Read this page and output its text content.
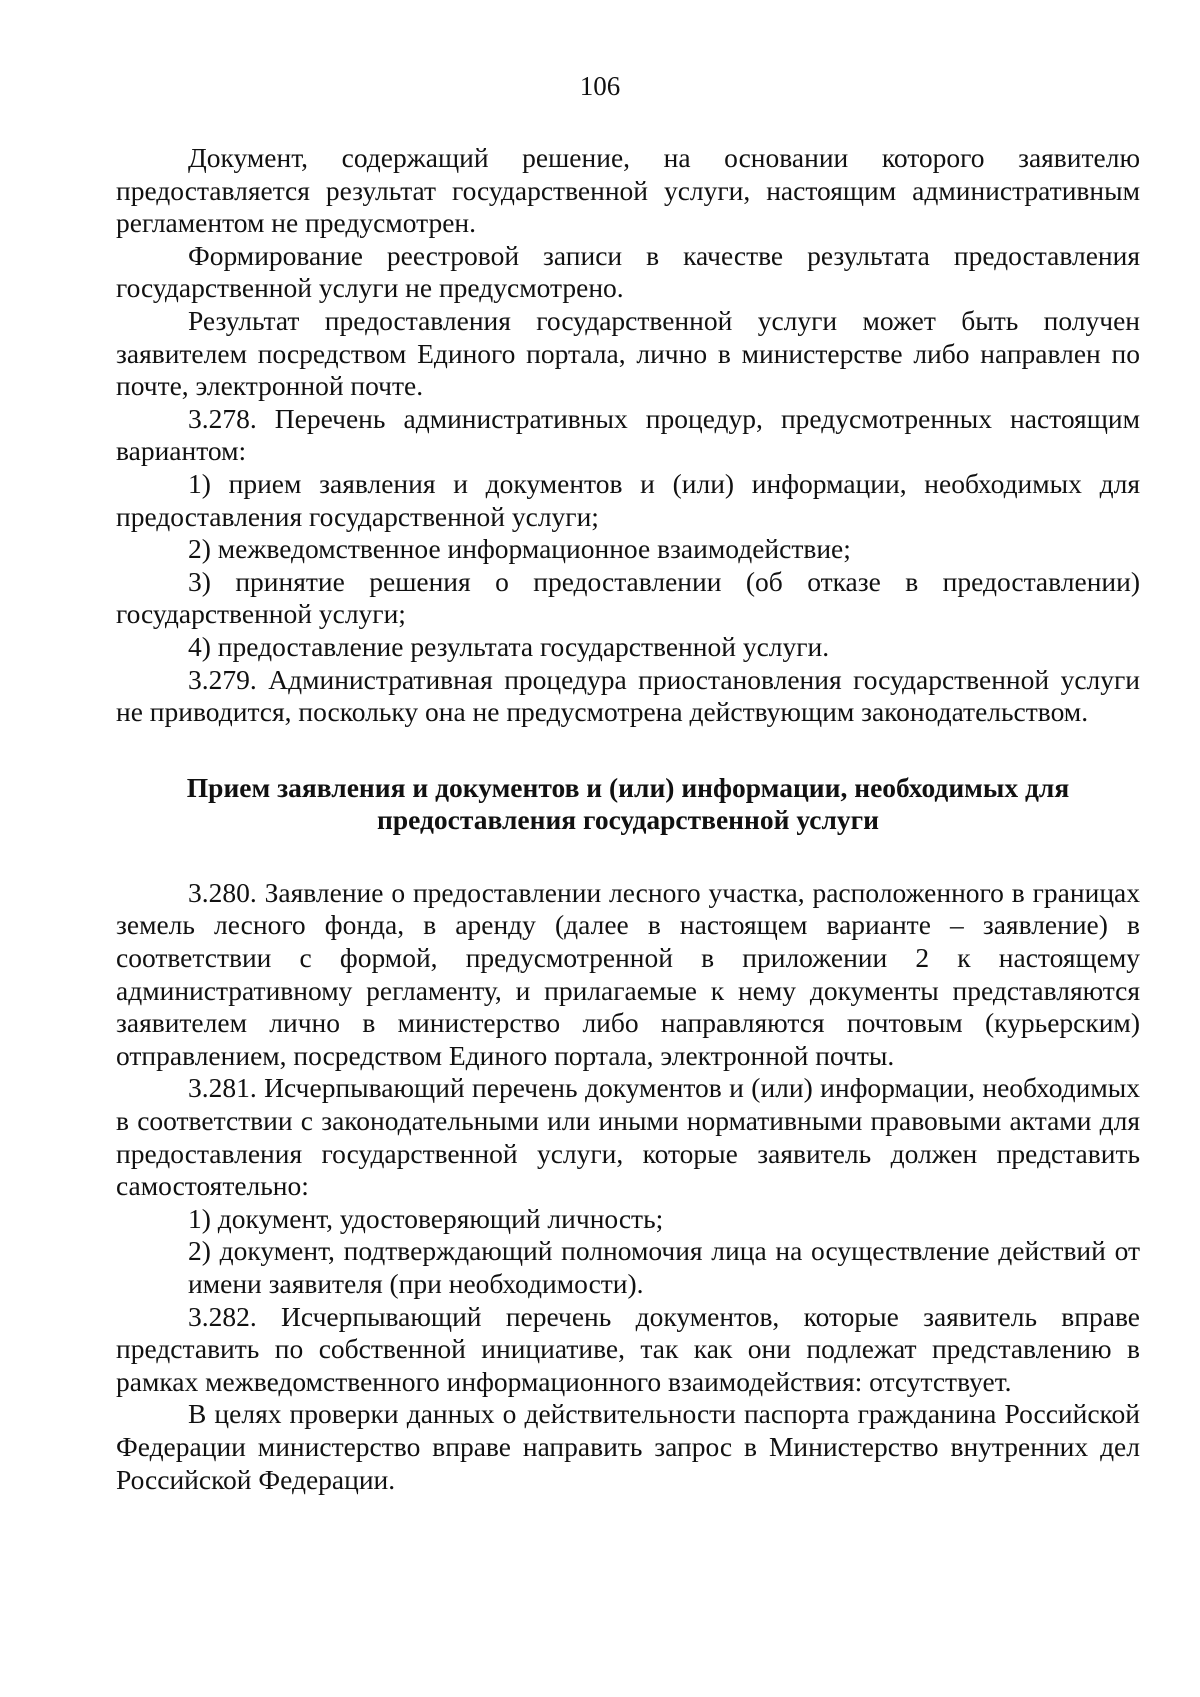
106

Документ, содержащий решение, на основании которого заявителю предоставляется результат государственной услуги, настоящим административным регламентом не предусмотрен.

Формирование реестровой записи в качестве результата предоставления государственной услуги не предусмотрено.

Результат предоставления государственной услуги может быть получен заявителем посредством Единого портала, лично в министерстве либо направлен по почте, электронной почте.

3.278. Перечень административных процедур, предусмотренных настоящим вариантом:

1) прием заявления и документов и (или) информации, необходимых для предоставления государственной услуги;

2) межведомственное информационное взаимодействие;

3) принятие решения о предоставлении (об отказе в предоставлении) государственной услуги;

4) предоставление результата государственной услуги.

3.279. Административная процедура приостановления государственной услуги не приводится, поскольку она не предусмотрена действующим законодательством.

Прием заявления и документов и (или) информации, необходимых для
предоставления государственной услуги

3.280. Заявление о предоставлении лесного участка, расположенного в границах земель лесного фонда, в аренду (далее в настоящем варианте – заявление) в соответствии с формой, предусмотренной в приложении 2 к настоящему административному регламенту, и прилагаемые к нему документы представляются заявителем лично в министерство либо направляются почтовым (курьерским) отправлением, посредством Единого портала, электронной почты.

3.281. Исчерпывающий перечень документов и (или) информации, необходимых в соответствии с законодательными или иными нормативными правовыми актами для предоставления государственной услуги, которые заявитель должен представить самостоятельно:

1) документ, удостоверяющий личность;

2) документ, подтверждающий полномочия лица на осуществление действий от имени заявителя (при необходимости).

3.282. Исчерпывающий перечень документов, которые заявитель вправе представить по собственной инициативе, так как они подлежат представлению в рамках межведомственного информационного взаимодействия: отсутствует.

В целях проверки данных о действительности паспорта гражданина Российской Федерации министерство вправе направить запрос в Министерство внутренних дел Российской Федерации.
